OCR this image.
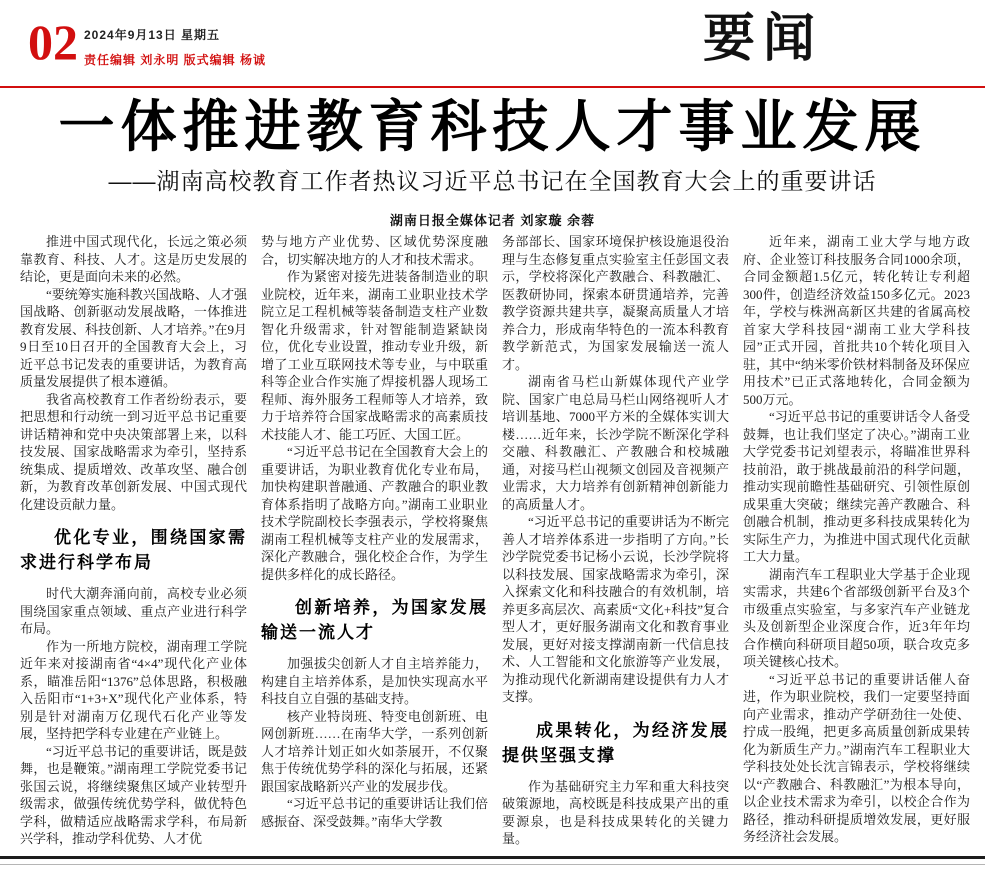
02 2024年9月13日 星期五
责任编辑 刘永明 版式编辑 杨诚	要闻
一体推进教育科技人才事业发展
——湖南高校教育工作者热议习近平总书记在全国教育大会上的重要讲话
湖南日报全媒体记者 刘家璇 余蓉

推进中国式现代化，长远之策必须靠教育、科技、人才。这是历史发展的结论，更是面向未来的必然。

“要统筹实施科教兴国战略、人才强国战略、创新驱动发展战略，一体推进教育发展、科技创新、人才培养。”在9月9日至10日召开的全国教育大会上，习近平总书记发表的重要讲话，为教育高质量发展提供了根本遵循。

我省高校教育工作者纷纷表示，要把思想和行动统一到习近平总书记重要讲话精神和党中央决策部署上来，以科技发展、国家战略需求为牵引，坚持系统集成、提质增效、改革攻坚、融合创新，为教育改革创新发展、中国式现代化建设贡献力量。

优化专业，围绕国家需求进行科学布局

时代大潮奔涌向前，高校专业必须围绕国家重点领域、重点产业进行科学布局。

作为一所地方院校，湖南理工学院近年来对接湖南省“4×4”现代化产业体系，瞄准岳阳“1376”总体思路，积极融入岳阳市“1+3+X”现代化产业体系，特别是针对湖南万亿现代石化产业等发展，坚持把学科专业建在产业链上。

“习近平总书记的重要讲话，既是鼓舞，也是鞭策。”湖南理工学院党委书记张国云说，将继续聚焦区域产业转型升级需求，做强传统优势学科，做优特色学科，做精适应战略需求学科，布局新兴学科，推动学科优势、人才优

势与地方产业优势、区域优势深度融合，切实解决地方的人才和技术需求。

作为紧密对接先进装备制造业的职业院校，近年来，湖南工业职业技术学院立足工程机械等装备制造支柱产业数智化升级需求，针对智能制造紧缺岗位，优化专业设置，推动专业升级，新增了工业互联网技术等专业，与中联重科等企业合作实施了焊接机器人现场工程师、海外服务工程师等人才培养，致力于培养符合国家战略需求的高素质技术技能人才、能工巧匠、大国工匠。

“习近平总书记在全国教育大会上的重要讲话，为职业教育优化专业布局，加快构建职普融通、产教融合的职业教育体系指明了战略方向。”湖南工业职业技术学院副校长李强表示，学校将聚焦湖南工程机械等支柱产业的发展需求，深化产教融合，强化校企合作，为学生提供多样化的成长路径。

创新培养，为国家发展输送一流人才

加强拔尖创新人才自主培养能力，构建自主培养体系，是加快实现高水平科技自立自强的基础支持。

核产业特岗班、特变电创新班、电网创新班……在南华大学，一系列创新人才培养计划正如火如荼展开，不仅聚焦于传统优势学科的深化与拓展，还紧跟国家战略新兴产业的发展步伐。

“习近平总书记的重要讲话让我们倍感振奋、深受鼓舞。”南华大学教

务部部长、国家环境保护核设施退役治理与生态修复重点实验室主任彭国文表示，学校将深化产教融合、科教融汇、医教研协同，探索本研贯通培养，完善教学资源共建共享，凝聚高质量人才培养合力，形成南华特色的一流本科教育教学新范式，为国家发展输送一流人才。

湖南省马栏山新媒体现代产业学院、国家广电总局马栏山网络视听人才培训基地、7000平方米的全媒体实训大楼……近年来，长沙学院不断深化学科交融、科教融汇、产教融合和校城融通，对接马栏山视频文创园及音视频产业需求，大力培养有创新精神创新能力的高质量人才。

“习近平总书记的重要讲话为不断完善人才培养体系进一步指明了方向。”长沙学院党委书记杨小云说，长沙学院将以科技发展、国家战略需求为牵引，深入探索文化和科技融合的有效机制，培养更多高层次、高素质“文化+科技”复合型人才，更好服务湖南文化和教育事业发展，更好对接支撑湖南新一代信息技术、人工智能和文化旅游等产业发展，为推动现代化新湖南建设提供有力人才支撑。

成果转化，为经济发展提供坚强支撑

作为基础研究主力军和重大科技突破策源地，高校既是科技成果产出的重要源泉，也是科技成果转化的关键力量。

近年来，湖南工业大学与地方政府、企业签订科技服务合同1000余项，合同金额超1.5亿元，转化转让专利超300件，创造经济效益150多亿元。2023年，学校与株洲高新区共建的省属高校首家大学科技园“湖南工业大学科技园”正式开园，首批共10个转化项目入驻，其中“纳米零价铁材料制备及环保应用技术”已正式落地转化，合同金额为500万元。

“习近平总书记的重要讲话令人备受鼓舞，也让我们坚定了决心。”湖南工业大学党委书记刘望表示，将瞄准世界科技前沿，敢于挑战最前沿的科学问题，推动实现前瞻性基础研究、引领性原创成果重大突破；继续完善产教融合、科创融合机制，推动更多科技成果转化为实际生产力，为推进中国式现代化贡献工大力量。

湖南汽车工程职业大学基于企业现实需求，共建6个省部级创新平台及3个市级重点实验室，与多家汽车产业链龙头及创新型企业深度合作，近3年年均合作横向科研项目超50项，联合攻克多项关键核心技术。

“习近平总书记的重要讲话催人奋进，作为职业院校，我们一定要坚持面向产业需求，推动产学研劲往一处使、拧成一股绳，把更多高质量创新成果转化为新质生产力。”湖南汽车工程职业大学科技处处长沈言锦表示，学校将继续以“产教融合、科教融汇”为根本导向，以企业技术需求为牵引，以校企合作为路径，推动科研提质增效发展，更好服务经济社会发展。
